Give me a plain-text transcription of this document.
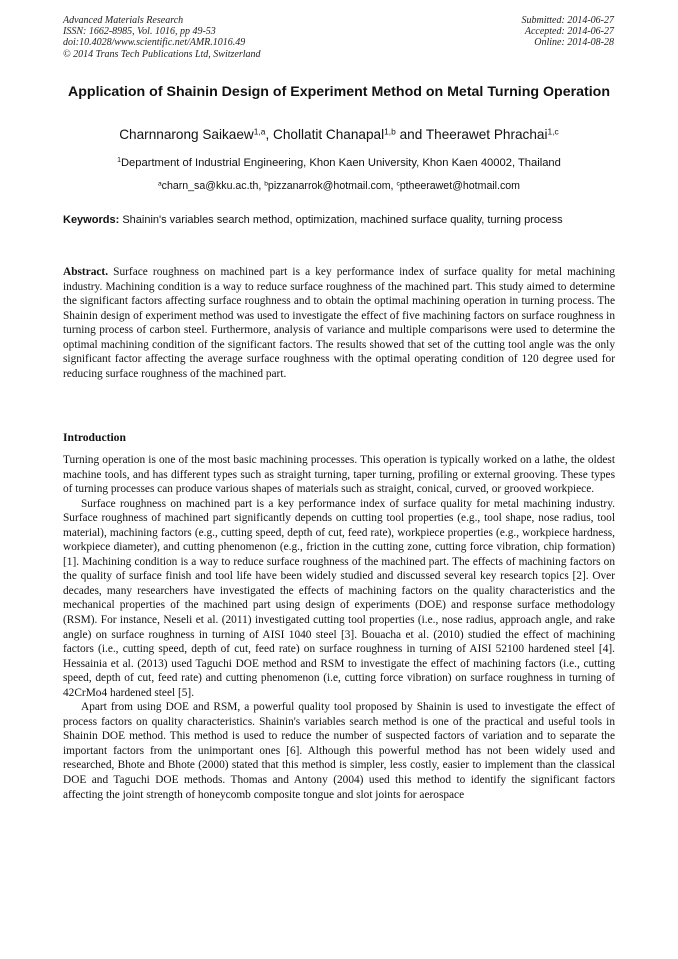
Advanced Materials Research
ISSN: 1662-8985, Vol. 1016, pp 49-53
doi:10.4028/www.scientific.net/AMR.1016.49
© 2014 Trans Tech Publications Ltd, Switzerland
Submitted: 2014-06-27
Accepted: 2014-06-27
Online: 2014-08-28
Application of Shainin Design of Experiment Method on Metal Turning Operation
Charnnarong Saikaew$^{1,a}$, Chollatit Chanapal$^{1,b}$ and Theerawet Phrachai$^{1,c}$
$^1$Department of Industrial Engineering, Khon Kaen University, Khon Kaen 40002, Thailand
$^a$charn_sa@kku.ac.th, $^b$pizzanarrok@hotmail.com, $^c$ptheerawet@hotmail.com
Keywords: Shainin's variables search method, optimization, machined surface quality, turning process
Abstract. Surface roughness on machined part is a key performance index of surface quality for metal machining industry. Machining condition is a way to reduce surface roughness of the machined part. This study aimed to determine the significant factors affecting surface roughness and to obtain the optimal machining operation in turning process. The Shainin design of experiment method was used to investigate the effect of five machining factors on surface roughness in turning process of carbon steel. Furthermore, analysis of variance and multiple comparisons were used to determine the optimal machining condition of the significant factors. The results showed that set of the cutting tool angle was the only significant factor affecting the average surface roughness with the optimal operating condition of 120 degree used for reducing surface roughness of the machined part.
Introduction

Turning operation is one of the most basic machining processes. This operation is typically worked on a lathe, the oldest machine tools, and has different types such as straight turning, taper turning, profiling or external grooving. These types of turning processes can produce various shapes of materials such as straight, conical, curved, or grooved workpiece.

Surface roughness on machined part is a key performance index of surface quality for metal machining industry. Surface roughness of machined part significantly depends on cutting tool properties (e.g., tool shape, nose radius, tool material), machining factors (e.g., cutting speed, depth of cut, feed rate), workpiece properties (e.g., workpiece hardness, workpiece diameter), and cutting phenomenon (e.g., friction in the cutting zone, cutting force vibration, chip formation) [1]. Machining condition is a way to reduce surface roughness of the machined part. The effects of machining factors on the quality of surface finish and tool life have been widely studied and discussed several key research topics [2]. Over decades, many researchers have investigated the effects of machining factors on the quality characteristics and the mechanical properties of the machined part using design of experiments (DOE) and response surface methodology (RSM). For instance, Neseli et al. (2011) investigated cutting tool properties (i.e., nose radius, approach angle, and rake angle) on surface roughness in turning of AISI 1040 steel [3]. Bouacha et al. (2010) studied the effect of machining factors (i.e., cutting speed, depth of cut, feed rate) on surface roughness in turning of AISI 52100 hardened steel [4]. Hessainia et al. (2013) used Taguchi DOE method and RSM to investigate the effect of machining factors (i.e., cutting speed, depth of cut, feed rate) and cutting phenomenon (i.e, cutting force vibration) on surface roughness in turning of 42CrMo4 hardened steel [5].

Apart from using DOE and RSM, a powerful quality tool proposed by Shainin is used to investigate the effect of process factors on quality characteristics. Shainin's variables search method is one of the practical and useful tools in Shainin DOE method. This method is used to reduce the number of suspected factors of variation and to separate the important factors from the unimportant ones [6]. Although this powerful method has not been widely used and researched, Bhote and Bhote (2000) stated that this method is simpler, less costly, easier to implement than the classical DOE and Taguchi DOE methods. Thomas and Antony (2004) used this method to identify the significant factors affecting the joint strength of honeycomb composite tongue and slot joints for aerospace
